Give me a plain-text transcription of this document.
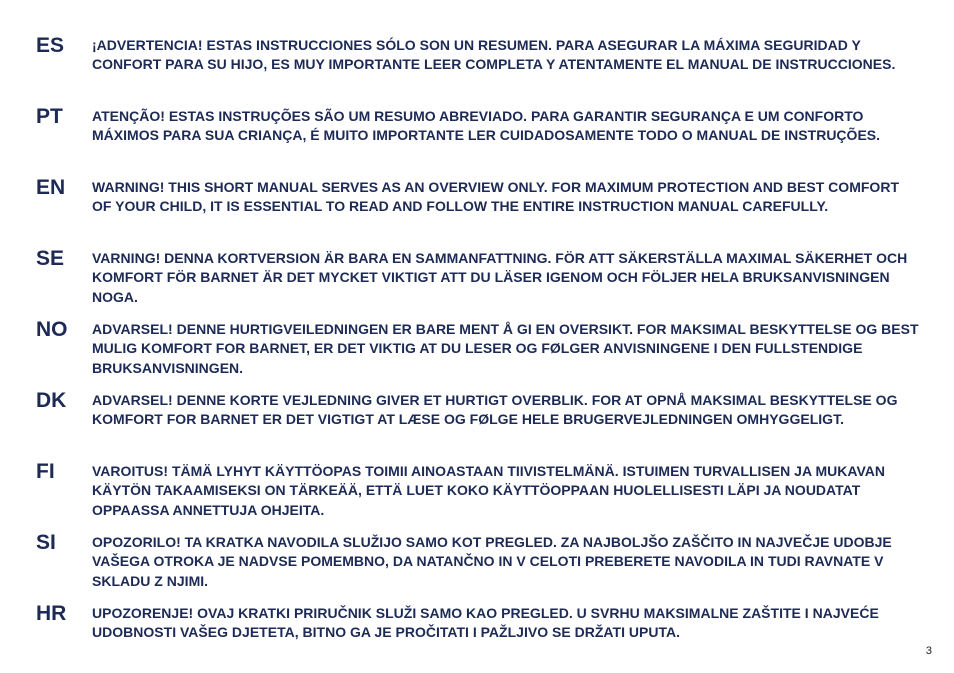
ES	¡ADVERTENCIA! ESTAS INSTRUCCIONES SÓLO SON UN RESUMEN. PARA ASEGURAR LA MÁXIMA SEGURIDAD Y CONFORT PARA SU HIJO, ES MUY IMPORTANTE LEER COMPLETA Y ATENTAMENTE EL MANUAL DE INSTRUCCIONES.
PT	ATENÇÃO! ESTAS INSTRUÇÕES SÃO UM RESUMO ABREVIADO. PARA GARANTIR SEGURANÇA E UM CONFORTO MÁXIMOS PARA SUA CRIANÇA, É MUITO IMPORTANTE LER CUIDADOSAMENTE TODO O MANUAL DE INSTRUÇÕES.
EN	WARNING! THIS SHORT MANUAL SERVES AS AN OVERVIEW ONLY. FOR MAXIMUM PROTECTION AND BEST COMFORT OF YOUR CHILD, IT IS ESSENTIAL TO READ AND FOLLOW THE ENTIRE INSTRUCTION MANUAL CAREFULLY.
SE	VARNING! DENNA KORTVERSION ÄR BARA EN SAMMANFATTNING. FÖR ATT SÄKERSTÄLLA MAXIMAL SÄKERHET OCH KOMFORT FÖR BARNET ÄR DET MYCKET VIKTIGT ATT DU LÄSER IGENOM OCH FÖLJER HELA BRUKSANVISNINGEN NOGA.
NO	ADVARSEL! DENNE HURTIGVEILEDNINGEN ER BARE MENT Å GI EN OVERSIKT. FOR MAKSIMAL BESKYTTELSE OG BEST MULIG KOMFORT FOR BARNET, ER DET VIKTIG AT DU LESER OG FØLGER ANVISNINGENE I DEN FULLSTENDIGE BRUKSANVISNINGEN.
DK	ADVARSEL! DENNE KORTE VEJLEDNING GIVER ET HURTIGT OVERBLIK. FOR AT OPNÅ MAKSIMAL BESKYTTELSE OG KOMFORT FOR BARNET ER DET VIGTIGT AT LÆSE OG FØLGE HELE BRUGERVEJLEDNINGEN OMHYGGELIGT.
FI	VAROITUS! TÄMÄ LYHYT KÄYTTÖOPAS TOIMII AINOASTAAN TIIVISTELMÄNÄ. ISTUIMEN TURVALLISEN JA MUKAVAN KÄYTÖN TAKAAMISEKSI ON TÄRKEÄÄ, ETTÄ LUET KOKO KÄYTTÖOPPAAN HUOLELLISESTI LÄPI JA NOUDATAT OPPAASSA ANNETTUJA OHJEITA.
SI	OPOZORILO! TA KRATKA NAVODILA SLUŽIJO SAMO KOT PREGLED. ZA NAJBOLJŠO ZAŠČITO IN NAJVEČJE UDOBJE VAŠEGA OTROKA JE NADVSE POMEMBNO, DA NATANČNO IN V CELOTI PREBERETE NAVODILA IN TUDI RAVNATE V SKLADU Z NJIMI.
HR	UPOZORENJE! OVAJ KRATKI PRIRUČNIK SLUŽI SAMO KAO PREGLED. U SVRHU MAKSIMALNE ZAŠTITE I NAJVEĆE UDOBNOSTI VAŠEG DJETETA, BITNO GA JE PROČITATI I PAŽLJIVO SE DRŽATI UPUTA.
3
